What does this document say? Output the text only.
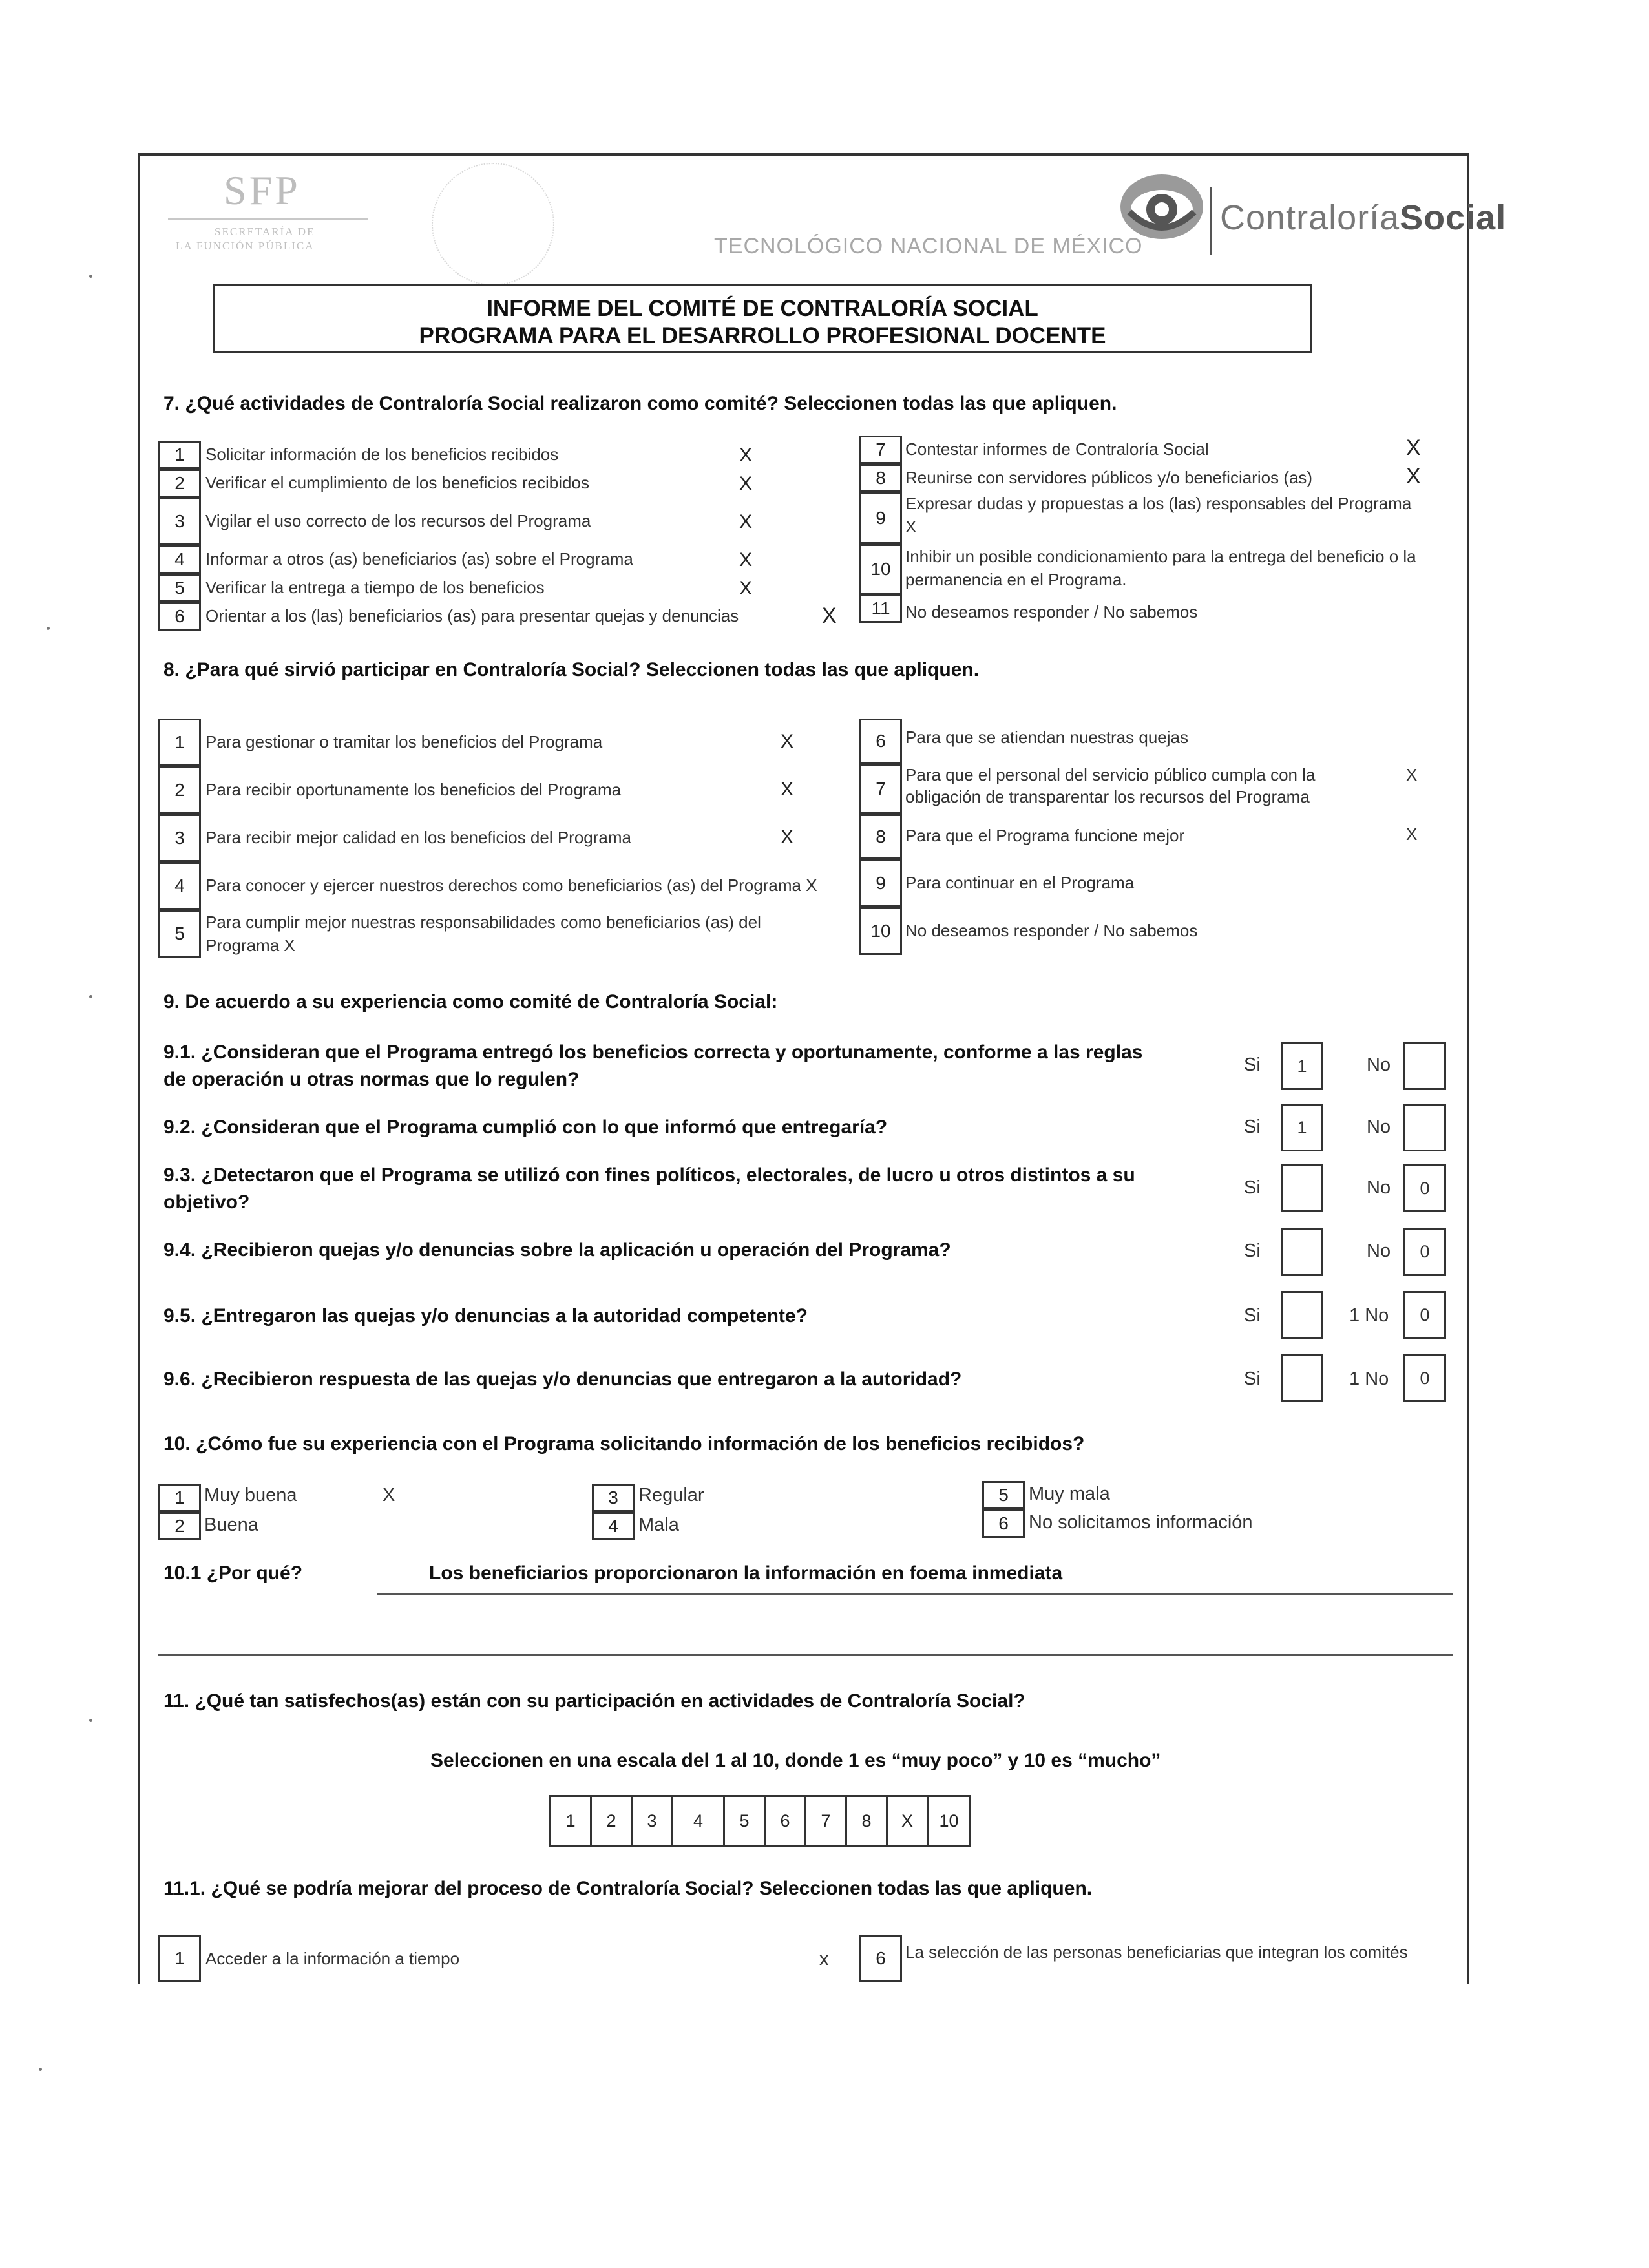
SFP
SECRETARÍA DE
LA FUNCIÓN PÚBLICA	TECNOLÓGICO NACIONAL DE MÉXICO
ContraloríaSocial
INFORME DEL COMITÉ DE CONTRALORÍA SOCIAL
PROGRAMA PARA EL DESARROLLO PROFESIONAL DOCENTE
7. ¿Qué actividades de Contraloría Social realizaron como comité? Seleccionen todas las que apliquen.
1	Solicitar información de los beneficios recibidos	X
2	Verificar el cumplimiento de los beneficios recibidos	X
3	Vigilar el uso correcto de los recursos del Programa	X
4	Informar a otros (as) beneficiarios (as) sobre el Programa	X
5	Verificar la entrega a tiempo de los beneficios	X
6	Orientar a los (las) beneficiarios (as) para presentar quejas y denuncias	X
7	Contestar informes de Contraloría Social	X
8	Reunirse con servidores públicos y/o beneficiarios (as)	X
9
Expresar dudas y propuestas a los (las) responsables del Programa
X
10
Inhibir un posible condicionamiento para la entrega del beneficio o la
permanencia en el Programa.
11 No deseamos responder / No sabemos
8. ¿Para qué sirvió participar en Contraloría Social? Seleccionen todas las que apliquen.
1	Para gestionar o tramitar los beneficios del Programa	X
2	Para recibir oportunamente los beneficios del Programa	X
3	Para recibir mejor calidad en los beneficios del Programa	X
4	Para conocer y ejercer nuestros derechos como beneficiarios (as) del Programa X
5
Para cumplir mejor nuestras responsabilidades como beneficiarios (as) del
Programa X
6	Para que se atiendan nuestras quejas
7
Para que el personal del servicio público cumpla con la
obligación de transparentar los recursos del Programa
X
8	Para que el Programa funcione mejor	X
9	Para continuar en el Programa
10 No deseamos responder / No sabemos
9. De acuerdo a su experiencia como comité de Contraloría Social:
9.1. ¿Consideran que el Programa entregó los beneficios correcta y oportunamente, conforme a las reglas
de operación u otras normas que lo regulen?
Si	1	No
9.2. ¿Consideran que el Programa cumplió con lo que informó que entregaría?	Si	1	No
9.3. ¿Detectaron que el Programa se utilizó con fines políticos, electorales, de lucro u otros distintos a su
objetivo?
Si	No	0
9.4. ¿Recibieron quejas y/o denuncias sobre la aplicación u operación del Programa?	Si	No	0
9.5. ¿Entregaron las quejas y/o denuncias a la autoridad competente?	Si	1 No	0
9.6. ¿Recibieron respuesta de las quejas y/o denuncias que entregaron a la autoridad?	Si	1 No	0
10. ¿Cómo fue su experiencia con el Programa solicitando información de los beneficios recibidos?
1	Muy buena	X
2	Buena
3	Regular
4	Mala
5	Muy mala
6	No solicitamos información
10.1 ¿Por qué?	Los beneficiarios proporcionaron la información en foema inmediata
11. ¿Qué tan satisfechos(as) están con su participación en actividades de Contraloría Social?
Seleccionen en una escala del 1 al 10, donde 1 es “muy poco” y 10 es “mucho”
1	2	3	4	5	6	7	8	X	10
11.1. ¿Qué se podría mejorar del proceso de Contraloría Social? Seleccionen todas las que apliquen.
1	Acceder a la información a tiempo	x	6	La selección de las personas beneficiarias que integran los comités
